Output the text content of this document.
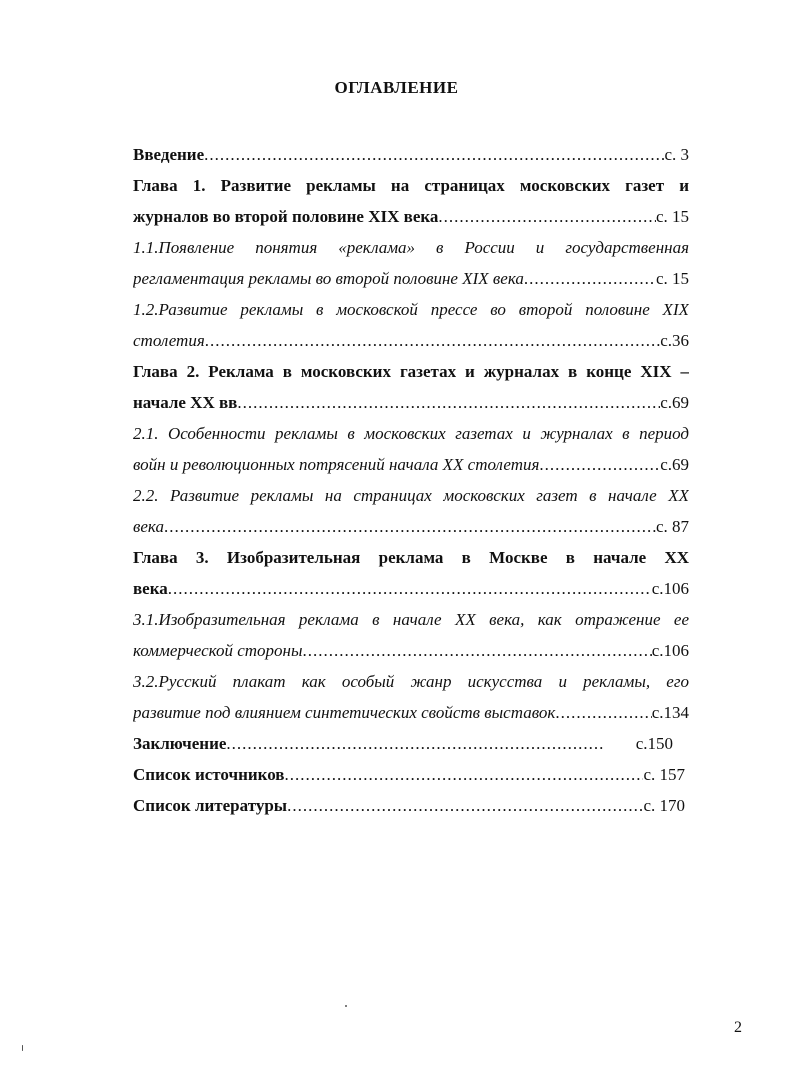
ОГЛАВЛЕНИЕ
Введение .....	с. 3
Глава 1. Развитие рекламы на страницах московских газет и
журналов во второй половине XIX века .....	с. 15
1.1.Появление понятия «реклама» в России и государственная
регламентация рекламы во второй половине XIX века .....	с. 15
1.2.Развитие рекламы в московской прессе во второй половине XIX
столетия .....	с.36
Глава 2. Реклама в московских газетах и журналах в конце XIX –
начале XX вв .....	с.69
2.1. Особенности рекламы в московских газетах и журналах в период
войн и революционных потрясений начала XX столетия .....	с.69
2.2. Развитие рекламы на страницах московских газет в начале XX
века .....	с. 87
Глава 3. Изобразительная реклама в Москве в начале XX
века .....	с.106
3.1.Изобразительная реклама в начале XX века, как отражение ее
коммерческой стороны .....	с.106
3.2.Русский плакат как особый жанр искусства и рекламы, его
развитие под влиянием синтетических свойств выставок .....	с.134
Заключение .....	с.150
Список источников .....	с. 157
Список литературы .....	с. 170
2
